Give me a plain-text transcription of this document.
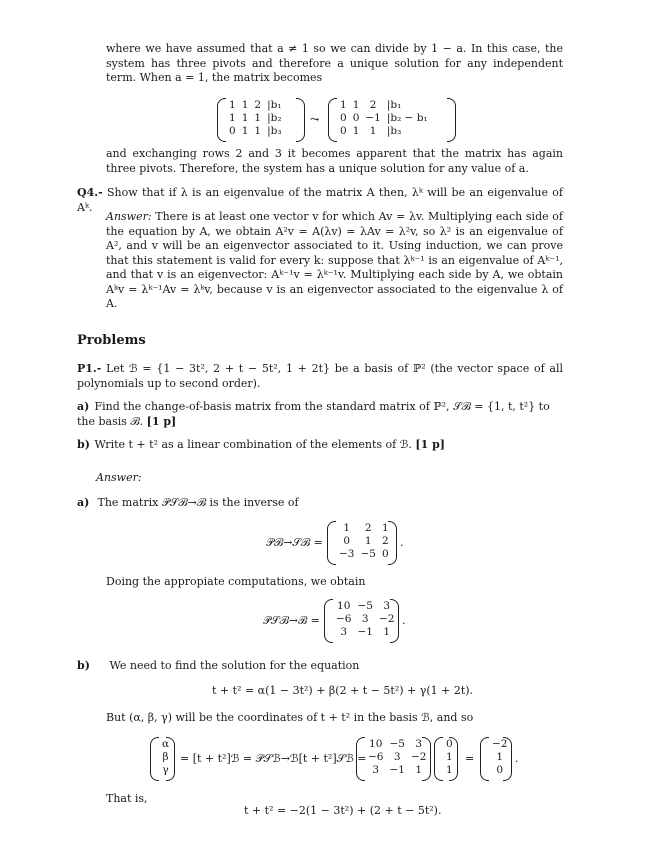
where we have assumed that a ≠ 1 so we can divide by 1 − a. In this case, the system has three pivots and therefore a unique solution for any independent term. When a = 1, the matrix becomes
1	1	2	|b₁
1	1	1	|b₂
0	1	1	|b₃
⤳
1	1	2	|b₁
0	0	−1	|b₂ − b₁
0	1	1	|b₃
and exchanging rows 2 and 3 it becomes apparent that the matrix has again three pivots. Therefore, the system has a unique solution for any value of a.
Q4.- Show that if λ is an eigenvalue of the matrix A then, λᵏ will be an eigenvalue of Aᵏ.
Answer: There is at least one vector v for which Av = λv. Multiplying each side of the equation by A, we obtain A²v = A(λv) = λAv = λ²v, so λ² is an eigenvalue of A², and v will be an eigenvector associated to it. Using induction, we can prove that this statement is valid for every k: suppose that λᵏ⁻¹ is an eigenvalue of Aᵏ⁻¹, and that v is an eigenvector: Aᵏ⁻¹v = λᵏ⁻¹v. Multiplying each side by A, we obtain Aᵏv = λᵏ⁻¹Av = λᵏv, because v is an eigenvector associated to the eigenvalue λ of A.
Problems
P1.- Let ℬ = {1 − 3t², 2 + t − 5t², 1 + 2t} be a basis of ℙ² (the vector space of all polynomials up to second order).
a) Find the change-of-basis matrix from the standard matrix of ℙ², 𝒮ℬ = {1, t, t²} to the basis ℬ. [1 p]
b) Write t + t² as a linear combination of the elements of ℬ. [1 p]
Answer:
a) The matrix 𝒫𝒮ℬ→ℬ is the inverse of
𝒫ℬ→𝒮ℬ =
1	2	1
0	1	2
−3	−5	0
.
Doing the appropiate computations, we obtain
𝒫𝒮ℬ→ℬ =
10	−5	3
−6	3	−2
3	−1	1
.
b) We need to find the solution for the equation
t + t² = α(1 − 3t²) + β(2 + t − 5t²) + γ(1 + 2t).
But (α, β, γ) will be the coordinates of t + t² in the basis ℬ, and so
α
β
γ
= [t + t²]ℬ = 𝒫𝒮ℬ→ℬ[t + t²]𝒮ℬ =
10	−5	3
−6	3	−2
3	−1	1
0
1
1
=
−2
1
0
.
That is,
t + t² = −2(1 − 3t²) + (2 + t − 5t²).
